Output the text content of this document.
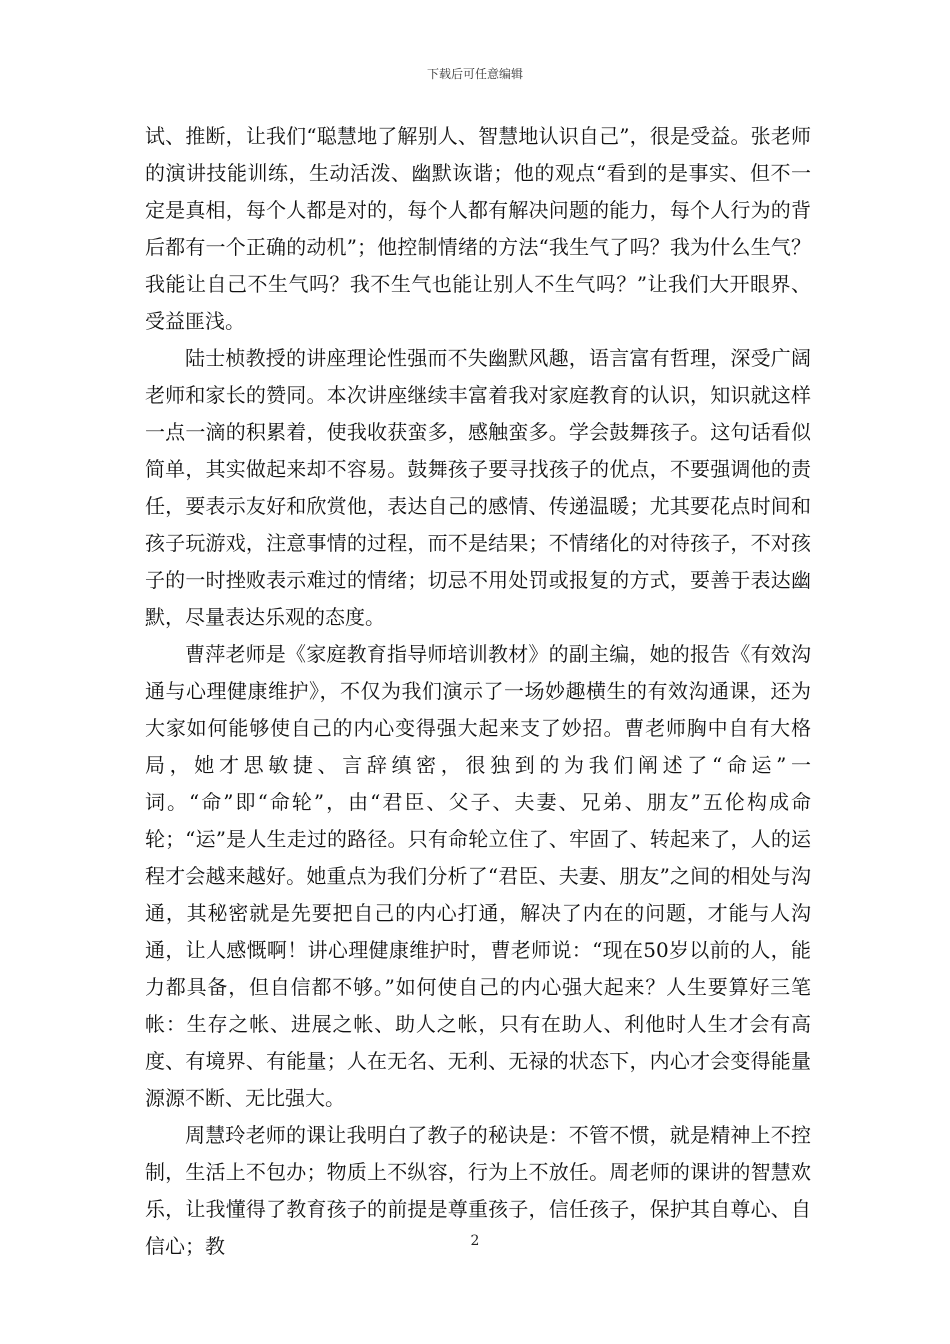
下载后可任意编辑

试、推断，让我们“聪慧地了解别人、智慧地认识自己”，很是受益。张老师的演讲技能训练，生动活泼、幽默诙谐；他的观点“看到的是事实、但不一定是真相，每个人都是对的，每个人都有解决问题的能力，每个人行为的背后都有一个正确的动机”；他控制情绪的方法“我生气了吗？我为什么生气？我能让自己不生气吗？我不生气也能让别人不生气吗？”让我们大开眼界、受益匪浅。

陆士桢教授的讲座理论性强而不失幽默风趣，语言富有哲理，深受广阔老师和家长的赞同。本次讲座继续丰富着我对家庭教育的认识，知识就这样一点一滴的积累着，使我收获蛮多，感触蛮多。学会鼓舞孩子。这句话看似简单，其实做起来却不容易。鼓舞孩子要寻找孩子的优点，不要强调他的责任，要表示友好和欣赏他，表达自己的感情、传递温暖；尤其要花点时间和孩子玩游戏，注意事情的过程，而不是结果；不情绪化的对待孩子，不对孩子的一时挫败表示难过的情绪；切忌不用处罚或报复的方式，要善于表达幽默，尽量表达乐观的态度。

曹萍老师是《家庭教育指导师培训教材》的副主编，她的报告《有效沟通与心理健康维护》，不仅为我们演示了一场妙趣横生的有效沟通课，还为大家如何能够使自己的内心变得强大起来支了妙招。曹老师胸中自有大格局，她才思敏捷、言辞缜密，很独到的为我们阐述了“命运”一词。“命”即“命轮”，由“君臣、父子、夫妻、兄弟、朋友”五伦构成命轮；“运”是人生走过的路径。只有命轮立住了、牢固了、转起来了，人的运程才会越来越好。她重点为我们分析了“君臣、夫妻、朋友”之间的相处与沟通，其秘密就是先要把自己的内心打通，解决了内在的问题，才能与人沟通，让人感慨啊！讲心理健康维护时，曹老师说：“现在50岁以前的人，能力都具备，但自信都不够。”如何使自己的内心强大起来？人生要算好三笔帐：生存之帐、进展之帐、助人之帐，只有在助人、利他时人生才会有高度、有境界、有能量；人在无名、无利、无禄的状态下，内心才会变得能量源源不断、无比强大。

周慧玲老师的课让我明白了教子的秘诀是：不管不惯，就是精神上不控制，生活上不包办；物质上不纵容，行为上不放任。周老师的课讲的智慧欢乐，让我懂得了教育孩子的前提是尊重孩子，信任孩子，保护其自尊心、自信心；教	2
